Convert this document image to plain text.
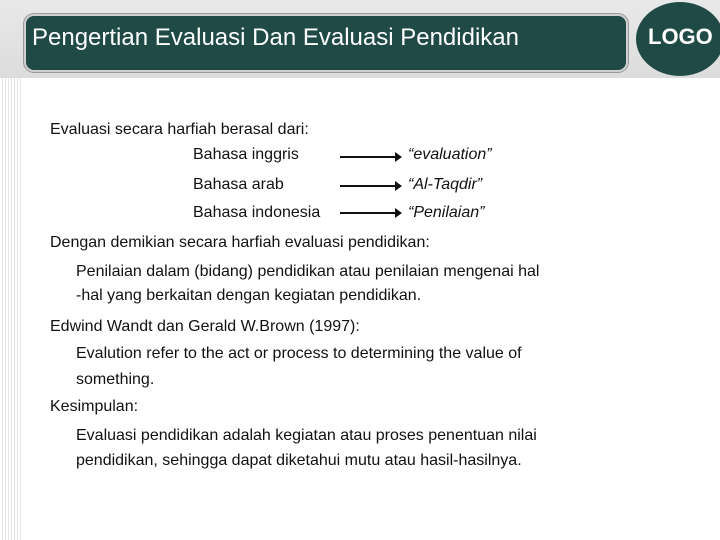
Pengertian Evaluasi Dan Evaluasi Pendidikan	LOGO
Evaluasi secara harfiah berasal dari:
Bahasa inggris	“evaluation”
Bahasa arab	“Al-Taqdir”
Bahasa indonesia	“Penilaian”
Dengan demikian secara harfiah evaluasi pendidikan:
Penilaian dalam (bidang) pendidikan atau penilaian mengenai hal
-hal yang berkaitan dengan kegiatan pendidikan.
Edwind Wandt dan Gerald W.Brown (1997):
Evalution refer to the act or process to determining the value of
something.
Kesimpulan:
Evaluasi pendidikan adalah kegiatan atau proses penentuan nilai
pendidikan, sehingga dapat diketahui mutu atau hasil-hasilnya.
